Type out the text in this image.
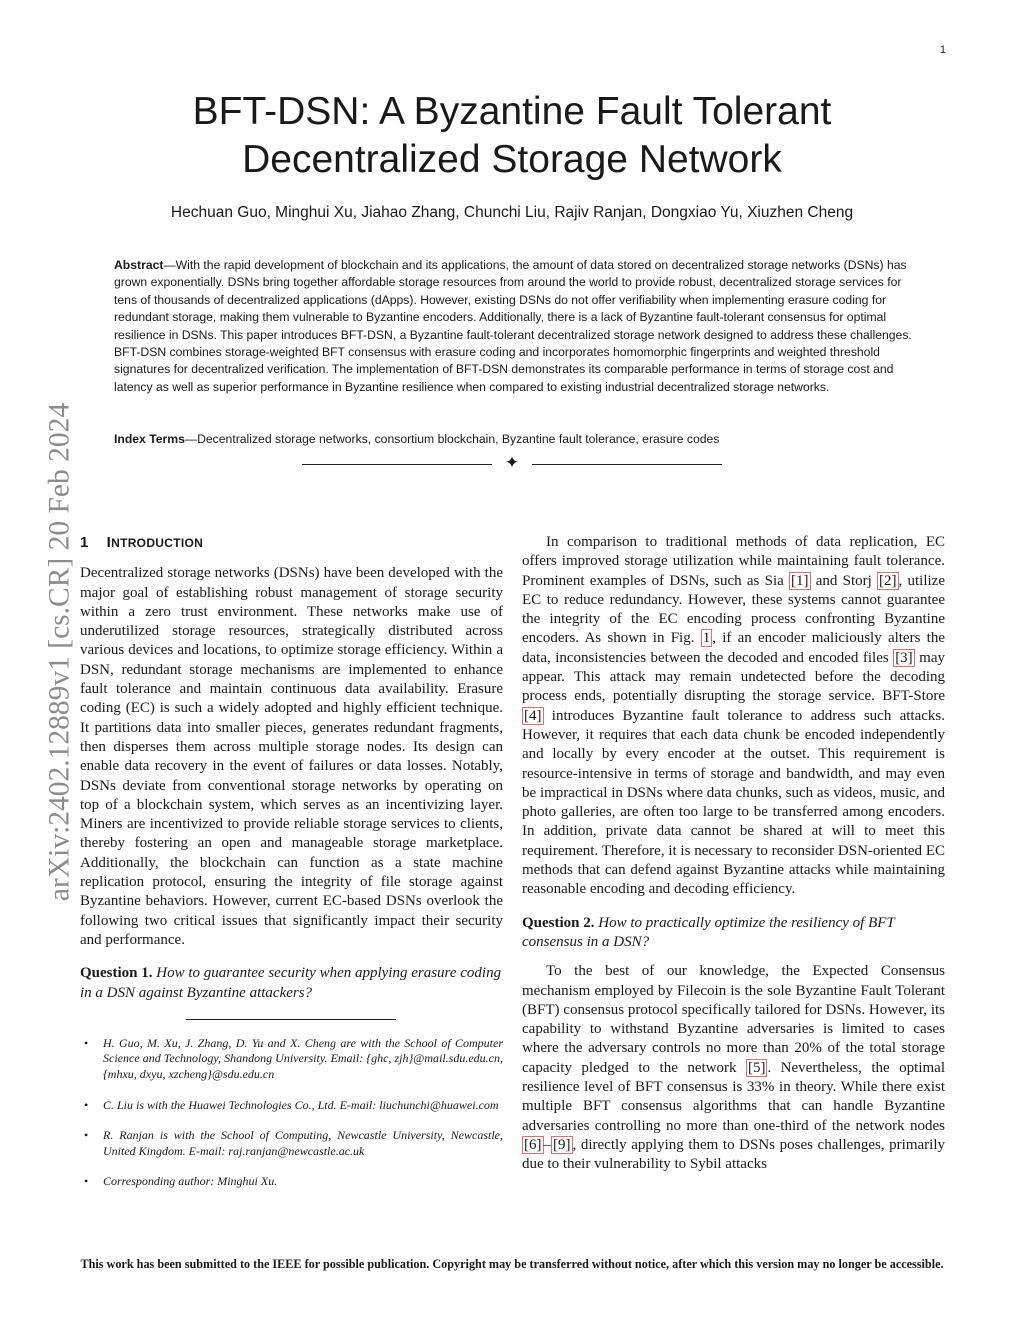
1
BFT-DSN: A Byzantine Fault Tolerant
Decentralized Storage Network
Hechuan Guo, Minghui Xu, Jiahao Zhang, Chunchi Liu, Rajiv Ranjan, Dongxiao Yu, Xiuzhen Cheng

Abstract—With the rapid development of blockchain and its applications, the amount of data stored on decentralized storage networks (DSNs) has grown exponentially. DSNs bring together affordable storage resources from around the world to provide robust, decentralized storage services for tens of thousands of decentralized applications (dApps). However, existing DSNs do not offer verifiability when implementing erasure coding for redundant storage, making them vulnerable to Byzantine encoders. Additionally, there is a lack of Byzantine fault-tolerant consensus for optimal resilience in DSNs. This paper introduces BFT-DSN, a Byzantine fault-tolerant decentralized storage network designed to address these challenges. BFT-DSN combines storage-weighted BFT consensus with erasure coding and incorporates homomorphic fingerprints and weighted threshold signatures for decentralized verification. The implementation of BFT-DSN demonstrates its comparable performance in terms of storage cost and latency as well as superior performance in Byzantine resilience when compared to existing industrial decentralized storage networks.

Index Terms—Decentralized storage networks, consortium blockchain, Byzantine fault tolerance, erasure codes
✦
arXiv:2402.12889v1 [cs.CR] 20 Feb 2024 1 INTRODUCTION

Decentralized storage networks (DSNs) have been developed with the major goal of establishing robust management of storage security within a zero trust environment. These networks make use of underutilized storage resources, strategically distributed across various devices and locations, to optimize storage efficiency. Within a DSN, redundant storage mechanisms are implemented to enhance fault tolerance and maintain continuous data availability. Erasure coding (EC) is such a widely adopted and highly efficient technique. It partitions data into smaller pieces, generates redundant fragments, then disperses them across multiple storage nodes. Its design can enable data recovery in the event of failures or data losses. Notably, DSNs deviate from conventional storage networks by operating on top of a blockchain system, which serves as an incentivizing layer. Miners are incentivized to provide reliable storage services to clients, thereby fostering an open and manageable storage marketplace. Additionally, the blockchain can function as a state machine replication protocol, ensuring the integrity of file storage against Byzantine behaviors. However, current EC-based DSNs overlook the following two critical issues that significantly impact their security and performance.

Question 1. How to guarantee security when applying erasure coding in a DSN against Byzantine attackers?

• H. Guo, M. Xu, J. Zhang, D. Yu and X. Cheng are with the School of Computer Science and Technology, Shandong University. Email: {ghc, zjh}@mail.sdu.edu.cn, {mhxu, dxyu, xzcheng}@sdu.edu.cn

• C. Liu is with the Huawei Technologies Co., Ltd. E-mail: liuchunchi@huawei.com

• R. Ranjan is with the School of Computing, Newcastle University, Newcastle, United Kingdom. E-mail: raj.ranjan@newcastle.ac.uk

• Corresponding author: Minghui Xu.

In comparison to traditional methods of data replication, EC offers improved storage utilization while maintaining fault tolerance. Prominent examples of DSNs, such as Sia [1] and Storj [2] , utilize EC to reduce redundancy. However, these systems cannot guarantee the integrity of the EC encoding process confronting Byzantine encoders. As shown in Fig. 1 , if an encoder maliciously alters the data, inconsistencies between the decoded and encoded files [3] may appear. This attack may remain undetected before the decoding process ends, potentially disrupting the storage service. BFT-Store [4] introduces Byzantine fault tolerance to address such attacks. However, it requires that each data chunk be encoded independently and locally by every encoder at the outset. This requirement is resource-intensive in terms of storage and bandwidth, and may even be impractical in DSNs where data chunks, such as videos, music, and photo galleries, are often too large to be transferred among encoders. In addition, private data cannot be shared at will to meet this requirement. Therefore, it is necessary to reconsider DSN-oriented EC methods that can defend against Byzantine attacks while maintaining reasonable encoding and decoding efficiency.

Question 2. How to practically optimize the resiliency of BFT consensus in a DSN?

To the best of our knowledge, the Expected Consensus mechanism employed by Filecoin is the sole Byzantine Fault Tolerant (BFT) consensus protocol specifically tailored for DSNs. However, its capability to withstand Byzantine adversaries is limited to cases where the adversary controls no more than 20% of the total storage capacity pledged to the network [5] . Nevertheless, the optimal resilience level of BFT consensus is 33% in theory. While there exist multiple BFT consensus algorithms that can handle Byzantine adversaries controlling no more than one-third of the network nodes [6] – [9] , directly applying them to DSNs poses challenges, primarily due to their vulnerability to Sybil attacks

This work has been submitted to the IEEE for possible publication. Copyright may be transferred without notice, after which this version may no longer be accessible.
